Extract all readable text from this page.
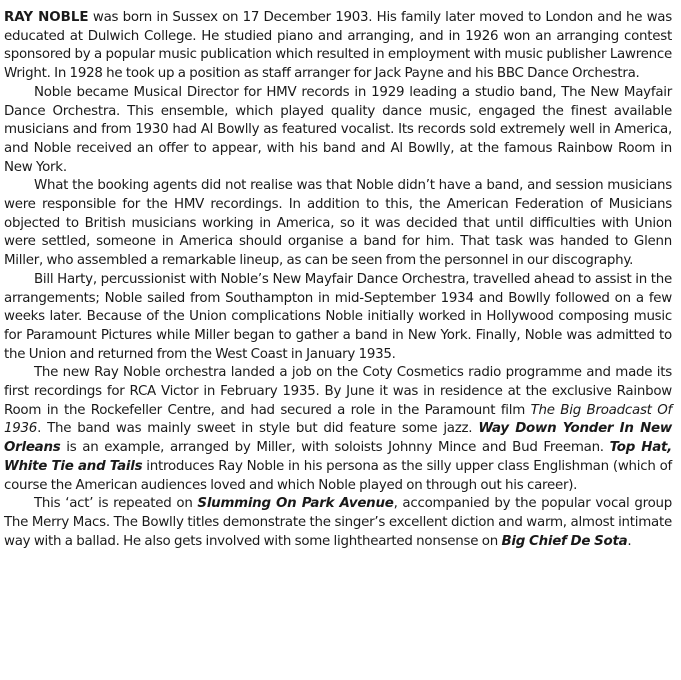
RAY NOBLE was born in Sussex on 17 December 1903. His family later moved to London and he was educated at Dulwich College. He studied piano and arranging, and in 1926 won an arranging contest sponsored by a popular music publication which resulted in employment with music publisher Lawrence Wright. In 1928 he took up a position as staff arranger for Jack Payne and his BBC Dance Orchestra.

Noble became Musical Director for HMV records in 1929 leading a studio band, The New Mayfair Dance Orchestra. This ensemble, which played quality dance music, engaged the finest available musicians and from 1930 had Al Bowlly as featured vocalist. Its records sold extremely well in America, and Noble received an offer to appear, with his band and Al Bowlly, at the famous Rainbow Room in New York.

What the booking agents did not realise was that Noble didn’t have a band, and session musicians were responsible for the HMV recordings. In addition to this, the American Federation of Musicians objected to British musicians working in America, so it was decided that until difficulties with Union were settled, someone in America should organise a band for him. That task was handed to Glenn Miller, who assembled a remarkable lineup, as can be seen from the personnel in our discography.

Bill Harty, percussionist with Noble’s New Mayfair Dance Orchestra, travelled ahead to assist in the arrangements; Noble sailed from Southampton in mid-September 1934 and Bowlly followed on a few weeks later. Because of the Union complications Noble initially worked in Hollywood composing music for Paramount Pictures while Miller began to gather a band in New York. Finally, Noble was admitted to the Union and returned from the West Coast in January 1935.

The new Ray Noble orchestra landed a job on the Coty Cosmetics radio programme and made its first recordings for RCA Victor in February 1935. By June it was in residence at the exclusive Rainbow Room in the Rockefeller Centre, and had secured a role in the Paramount film The Big Broadcast Of 1936. The band was mainly sweet in style but did feature some jazz. Way Down Yonder In New Orleans is an example, arranged by Miller, with soloists Johnny Mince and Bud Freeman. Top Hat, White Tie and Tails introduces Ray Noble in his persona as the silly upper class Englishman (which of course the American audiences loved and which Noble played on through out his career).

This ‘act’ is repeated on Slumming On Park Avenue, accompanied by the popular vocal group The Merry Macs. The Bowlly titles demonstrate the singer’s excellent diction and warm, almost intimate way with a ballad. He also gets involved with some lighthearted nonsense on Big Chief De Sota.
